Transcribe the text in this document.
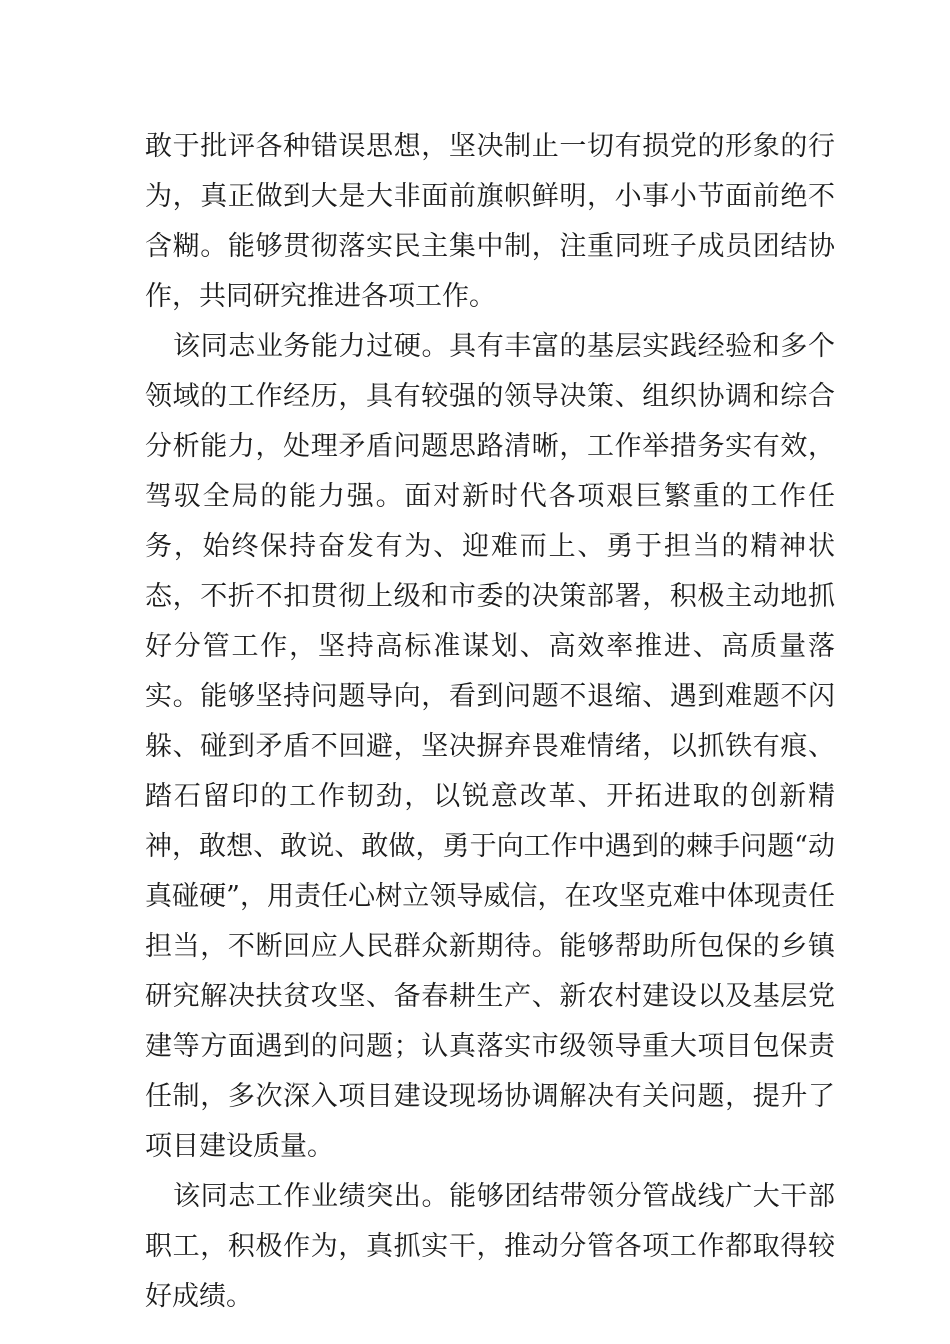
敢于批评各种错误思想，坚决制止一切有损党的形象的行为，真正做到大是大非面前旗帜鲜明，小事小节面前绝不含糊。能够贯彻落实民主集中制，注重同班子成员团结协作，共同研究推进各项工作。

该同志业务能力过硬。具有丰富的基层实践经验和多个领域的工作经历，具有较强的领导决策、组织协调和综合分析能力，处理矛盾问题思路清晰，工作举措务实有效，驾驭全局的能力强。面对新时代各项艰巨繁重的工作任务，始终保持奋发有为、迎难而上、勇于担当的精神状态，不折不扣贯彻上级和市委的决策部署，积极主动地抓好分管工作，坚持高标准谋划、高效率推进、高质量落实。能够坚持问题导向，看到问题不退缩、遇到难题不闪躲、碰到矛盾不回避，坚决摒弃畏难情绪，以抓铁有痕、踏石留印的工作韧劲，以锐意改革、开拓进取的创新精神，敢想、敢说、敢做，勇于向工作中遇到的棘手问题“动真碰硬”，用责任心树立领导威信，在攻坚克难中体现责任担当，不断回应人民群众新期待。能够帮助所包保的乡镇研究解决扶贫攻坚、备春耕生产、新农村建设以及基层党建等方面遇到的问题；认真落实市级领导重大项目包保责任制，多次深入项目建设现场协调解决有关问题，提升了项目建设质量。

该同志工作业绩突出。能够团结带领分管战线广大干部职工，积极作为，真抓实干，推动分管各项工作都取得较好成绩。
